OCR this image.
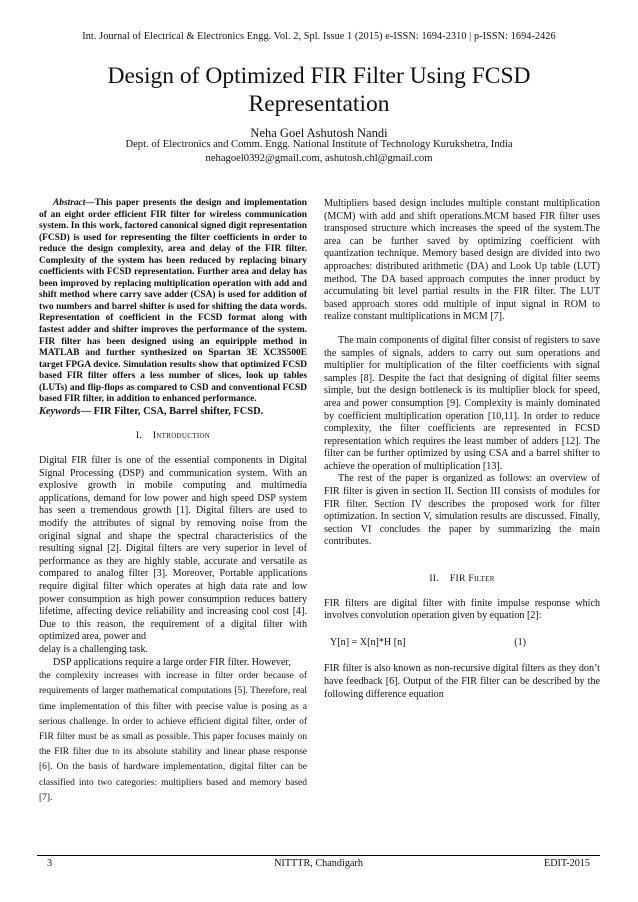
Int. Journal of Electrical & Electronics Engg. Vol. 2, Spl. Issue 1 (2015) e-ISSN: 1694-2310 | p-ISSN: 1694-2426
Design of Optimized FIR Filter Using FCSD Representation
Neha Goel Ashutosh Nandi
Dept. of Electronics and Comm. Engg. National Institute of Technology Kurukshetra, India
nehagoel0392@gmail.com, ashutosh.chl@gmail.com

Abstract—This paper presents the design and implementation of an eight order efficient FIR filter for wireless communication system. In this work, factored canonical signed digit representation (FCSD) is used for representing the filter coefficients in order to reduce the design complexity, area and delay of the FIR filter. Complexity of the system has been reduced by replacing binary coefficients with FCSD representation. Further area and delay has been improved by replacing multiplication operation with add and shift method where carry save adder (CSA) is used for addition of two numbers and barrel shifter is used for shifting the data words. Representation of coefficient in the FCSD format along with fastest adder and shifter improves the performance of the system. FIR filter has been designed using an equiripple method in MATLAB and further synthesized on Spartan 3E XC3S500E target FPGA device. Simulation results show that optimized FCSD based FIR filter offers a less number of slices, look up tables (LUTs) and flip-flops as compared to CSD and conventional FCSD based FIR filter, in addition to enhanced performance.

Keywords— FIR Filter, CSA, Barrel shifter, FCSD.

I. Introduction

Digital FIR filter is one of the essential components in Digital Signal Processing (DSP) and communication system. With an explosive growth in mobile computing and multimedia applications, demand for low power and high speed DSP system has seen a tremendous growth [1]. Digital filters are used to modify the attributes of signal by removing noise from the original signal and shape the spectral characteristics of the resulting signal [2]. Digital filters are very superior in level of performance as they are highly stable, accurate and versatile as compared to analog filter [3]. Moreover, Portable applications require digital filter which operates at high data rate and low power consumption as high power consumption reduces battery lifetime, affecting device reliability and increasing cool cost [4]. Due to this reason, the requirement of a digital filter with optimized area, power and

delay is a challenging task.

DSP applications require a large order FIR filter. However,

the complexity increases with increase in filter order because of requirements of larger mathematical computations [5]. Therefore, real time implementation of this filter with precise value is posing as a serious challenge. In order to achieve efficient digital filter, order of FIR filter must be as small as possible. This paper focuses mainly on the FIR filter due to its absolute stability and linear phase response [6]. On the basis of hardware implementation, digital filter can be classified into two categories: multipliers based and memory based [7].

Multipliers based design includes multiple constant multiplication (MCM) with add and shift operations.MCM based FIR filter uses transposed structure which increases the speed of the system.The area can be further saved by optimizing coefficient with quantization technique. Memory based design are divided into two approaches: distributed arithmetic (DA) and Look Up table (LUT) method. The DA based approach computes the inner product by accumulating bit level partial results in the FIR filter. The LUT based approach stores odd multiple of input signal in ROM to realize constant multiplications in MCM [7].

The main components of digital filter consist of registers to save the samples of signals, adders to carry out sum operations and multiplier for multiplication of the filter coefficients with signal samples [8]. Despite the fact that designing of digital filter seems simple, but the design bottleneck is its multiplier block for speed, area and power consumption [9]. Complexity is mainly dominated by coefficient multiplication operation [10,11]. In order to reduce complexity, the filter coefficients are represented in FCSD representation which requires the least number of adders [12]. The filter can be further optimized by using CSA and a barrel shifter to achieve the operation of multiplication [13].

The rest of the paper is organized as follows: an overview of FIR filter is given in section II. Section III consists of modules for FIR filter. Section IV describes the proposed work for filter optimization. In section V, simulation results are discussed. Finally, section VI concludes the paper by summarizing the main contributes.

II. FIR Filter

FIR filters are digital filter with finite impulse response which involves convolution operation given by equation [2]:

Y[n] = X[n]*H [n]	(1)

FIR filter is also known as non-recursive digital filters as they don’t have feedback [6]. Output of the FIR filter can be described by the following difference equation

3	NITTTR, Chandigarh	EDIT-2015
